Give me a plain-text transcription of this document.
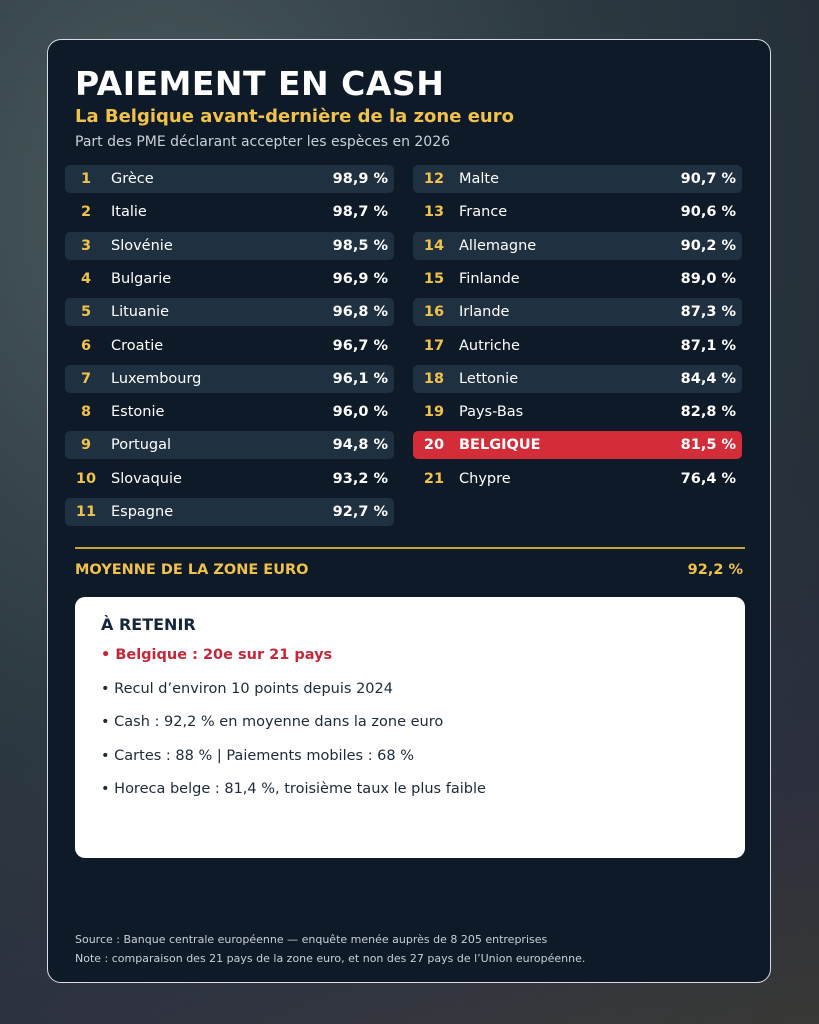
PAIEMENT EN CASH
La Belgique avant-dernière de la zone euro
Part des PME déclarant accepter les espèces en 2026
1	Grèce	98,9 %
2	Italie	98,7 %
3	Slovénie	98,5 %
4	Bulgarie	96,9 %
5	Lituanie	96,8 %
6	Croatie	96,7 %
7	Luxembourg	96,1 %
8	Estonie	96,0 %
9	Portugal	94,8 %
10	Slovaquie	93,2 %
11	Espagne	92,7 %
12	Malte	90,7 %
13	France	90,6 %
14	Allemagne	90,2 %
15	Finlande	89,0 %
16	Irlande	87,3 %
17	Autriche	87,1 %
18	Lettonie	84,4 %
19	Pays-Bas	82,8 %
20	BELGIQUE	81,5 %
21	Chypre	76,4 %
MOYENNE DE LA ZONE EURO	92,2 %
À RETENIR
• Belgique : 20e sur 21 pays
• Recul d’environ 10 points depuis 2024
• Cash : 92,2 % en moyenne dans la zone euro
• Cartes : 88 % | Paiements mobiles : 68 %
• Horeca belge : 81,4 %, troisième taux le plus faible
Source : Banque centrale européenne — enquête menée auprès de 8 205 entreprises
Note : comparaison des 21 pays de la zone euro, et non des 27 pays de l’Union européenne.
